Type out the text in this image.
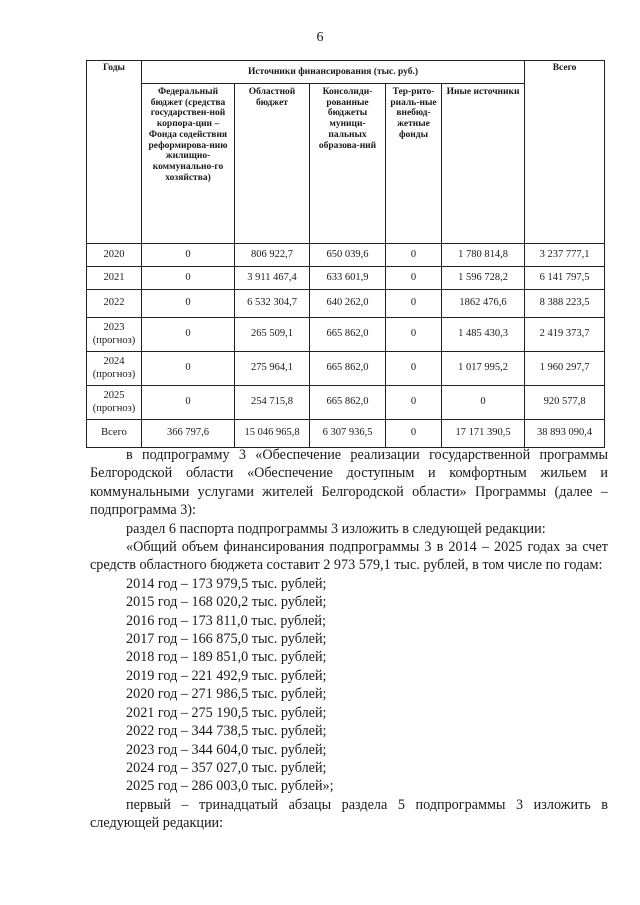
6
Годы	Источники финансирования (тыс. руб.)					Всего
	Федеральный бюджет (средства государствен-ной корпора-ции – Фонда содействия реформирова-нию жилищно-коммунально-го хозяйства)	Областной бюджет	Консолиди-рованные бюджеты муници-пальных образова-ний	Тер-рито-риаль-ные внебюд-жетные фонды	Иные источники	
2020	0	806 922,7	650 039,6	0	1 780 814,8	3 237 777,1
2021	0	3 911 467,4	633 601,9	0	1 596 728,2	6 141 797,5
2022	0	6 532 304,7	640 262,0	0	1862 476,6	8 388 223,5
2023 (прогноз)	0	265 509,1	665 862,0	0	1 485 430,3	2 419 373,7
2024 (прогноз)	0	275 964,1	665 862,0	0	1 017 995,2	1 960 297,7
2025 (прогноз)	0	254 715,8	665 862,0	0	0	920 577,8
Всего	366 797,6	15 046 965,8	6 307 936,5	0	17 171 390,5	38 893 090,4
в подпрограмму 3 «Обеспечение реализации государственной программы Белгородской области «Обеспечение доступным и комфортным жильем и коммунальными услугами жителей Белгородской области» Программы (далее – подпрограмма 3):
раздел 6 паспорта подпрограммы 3 изложить в следующей редакции:
«Общий объем финансирования подпрограммы 3 в 2014 – 2025 годах за счет средств областного бюджета составит 2 973 579,1 тыс. рублей, в том числе по годам:
2014 год – 173 979,5 тыс. рублей;
2015 год – 168 020,2 тыс. рублей;
2016 год – 173 811,0 тыс. рублей;
2017 год – 166 875,0 тыс. рублей;
2018 год – 189 851,0 тыс. рублей;
2019 год – 221 492,9 тыс. рублей;
2020 год – 271 986,5 тыс. рублей;
2021 год – 275 190,5 тыс. рублей;
2022 год – 344 738,5 тыс. рублей;
2023 год – 344 604,0 тыс. рублей;
2024 год – 357 027,0 тыс. рублей;
2025 год – 286 003,0 тыс. рублей»;
первый – тринадцатый абзацы раздела 5 подпрограммы 3 изложить в следующей редакции:
